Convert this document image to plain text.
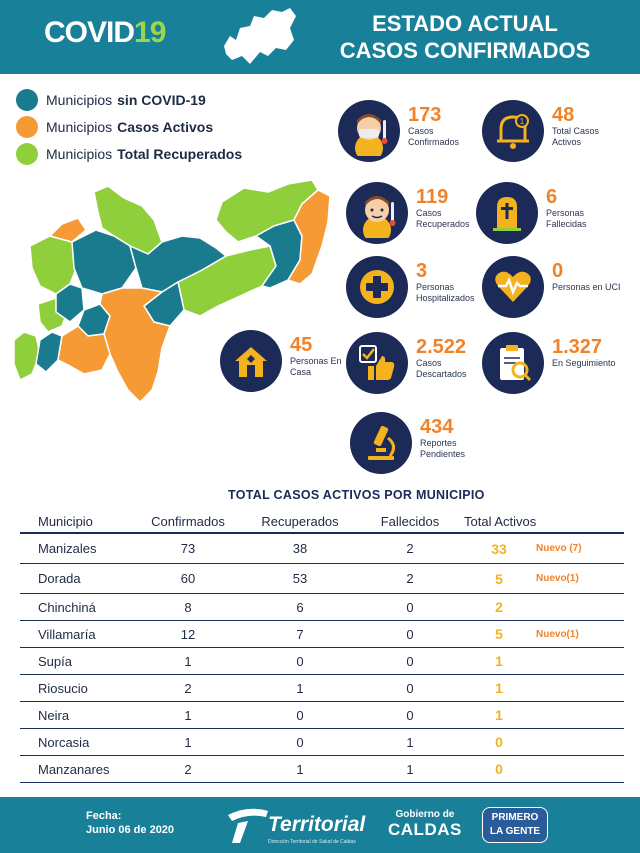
COVID19	ESTADO ACTUAL
CASOS CONFIRMADOS
Municipios sin COVID-19
Municipios Casos Activos
Municipios Total Recuperados
173
Casos Confirmados
1 48
Total Casos Activos
119
Casos Recuperados
6
Personas Fallecidas
3
Personas Hospitalizados
0
Personas en UCI
45
Personas En Casa
2.522
Casos Descartados
1.327
En Seguimiento
434
Reportes Pendientes
TOTAL CASOS ACTIVOS POR MUNICIPIO
Municipio	Confirmados	Recuperados	Fallecidos	Total Activos
Manizales	73	38	2	33	Nuevo (7)
Dorada	60	53	2	5	Nuevo(1)
Chinchiná	8	6	0	2
Villamaría	12	7	0	5	Nuevo(1)
Supía	1	0	0	1
Riosucio	2	1	0	1
Neira	1	0	0	1
Norcasia	1	0	1	0
Manzanares	2	1	1	0
Fecha:
Junio 06 de 2020	Territorial
Dirección Territorial de Salud de Caldas
Gobierno de
CALDAS
PRIMERO
LA GENTE
